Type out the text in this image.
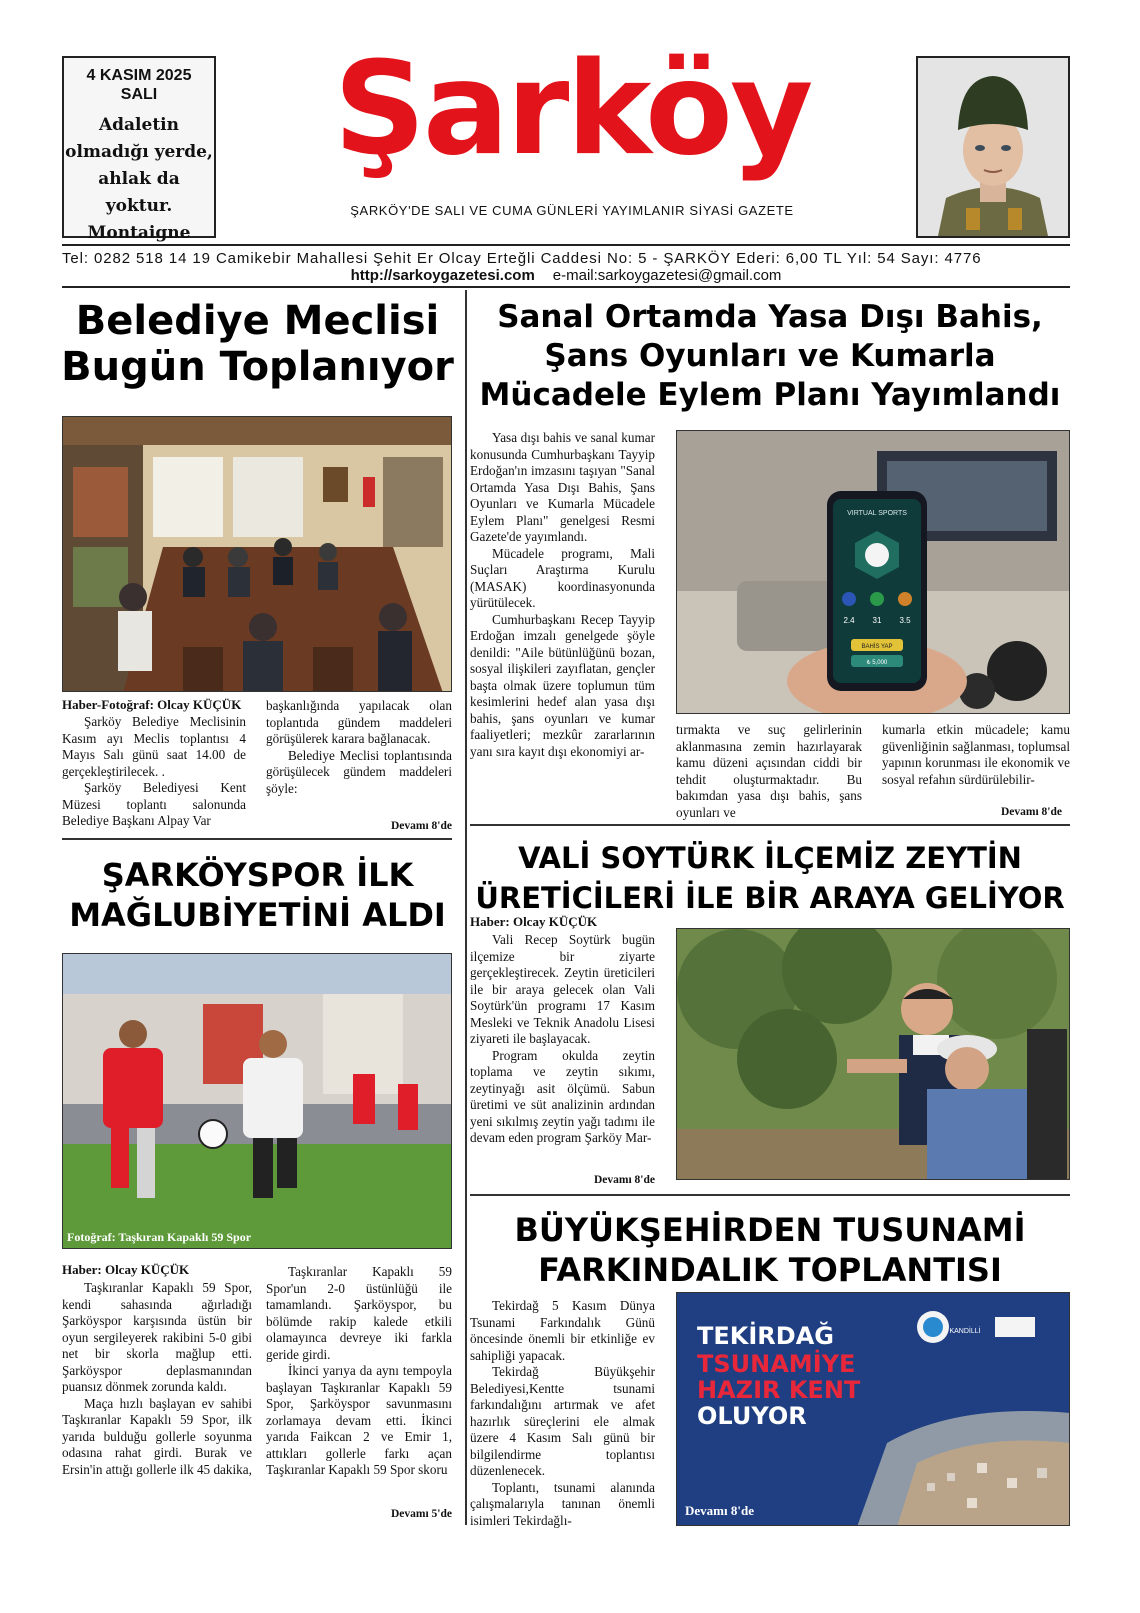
4 KASIM 2025
SALI
Adaletin
olmadığı yerde,
ahlak da yoktur.
Montaigne
Şarköy
ŞARKÖY'DE SALI VE CUMA GÜNLERİ YAYIMLANIR SİYASİ GAZETE
Tel: 0282 518 14 19 Camikebir Mahallesi Şehit Er Olcay Erteğli Caddesi No: 5 - ŞARKÖY Ederi: 6,00 TL Yıl: 54 Sayı: 4776
http://sarkoygazetesi.com e-mail:sarkoygazetesi@gmail.com
Belediye Meclisi
Bugün Toplanıyor
Haber-Fotoğraf: Olcay KÜÇÜK

Şarköy Belediye Meclisinin Kasım ayı Meclis toplantısı 4 Mayıs Salı günü saat 14.00 de gerçekleştirilecek. .

Şarköy Belediyesi Kent Müzesi toplantı salonunda Belediye Başkanı Alpay Var

başkanlığında yapılacak olan toplantıda gündem maddeleri görüşülerek karara bağlanacak.

Belediye Meclisi toplantısında görüşülecek gündem maddeleri şöyle:

Devamı 8'de
Sanal Ortamda Yasa Dışı Bahis,
Şans Oyunları ve Kumarla
Mücadele Eylem Planı Yayımlandı

Yasa dışı bahis ve sanal kumar konusunda Cumhurbaşkanı Tayyip Erdoğan'ın imzasını taşıyan "Sanal Ortamda Yasa Dışı Bahis, Şans Oyunları ve Kumarla Mücadele Eylem Planı" genelgesi Resmi Gazete'de yayımlandı.

Mücadele programı, Mali Suçları Araştırma Kurulu (MASAK) koordinasyonunda yürütülecek.

Cumhurbaşkanı Recep Tayyip Erdoğan imzalı genelgede şöyle denildi: "Aile bütünlüğünü bozan, sosyal ilişkileri zayıflatan, gençler başta olmak üzere toplumun tüm kesimlerini hedef alan yasa dışı bahis, şans oyunları ve kumar faaliyetleri; mezkûr zararlarının yanı sıra kayıt dışı ekonomiyi ar-

VIRTUAL SPORTS
2.4 31 3.5
BAHİS YAP
₺ 5,000
tırmakta ve suç gelirlerinin aklanmasına zemin hazırlayarak kamu düzeni açısından ciddi bir tehdit oluşturmaktadır. Bu bakımdan yasa dışı bahis, şans oyunları ve
kumarla etkin mücadele; kamu güvenliğinin sağlanması, toplumsal yapının korunması ile ekonomik ve sosyal refahın sürdürülebilir-
Devamı 8'de
ŞARKÖYSPOR İLK
MAĞLUBİYETİNİ ALDI
Fotoğraf: Taşkıran Kapaklı 59 Spor
Haber: Olcay KÜÇÜK

Taşkıranlar Kapaklı 59 Spor, kendi sahasında ağırladığı Şarköyspor karşısında üstün bir oyun sergileyerek rakibini 5-0 gibi net bir skorla mağlup etti. Şarköyspor deplasmanından puansız dönmek zorunda kaldı.

Maça hızlı başlayan ev sahibi Taşkıranlar Kapaklı 59 Spor, ilk yarıda bulduğu gollerle soyunma odasına rahat girdi. Burak ve Ersin'in attığı gollerle ilk 45 dakika,

Taşkıranlar Kapaklı 59 Spor'un 2-0 üstünlüğü ile tamamlandı. Şarköyspor, bu bölümde rakip kalede etkili olamayınca devreye iki farkla geride girdi.

İkinci yarıya da aynı tempoyla başlayan Taşkıranlar Kapaklı 59 Spor, Şarköyspor savunmasını zorlamaya devam etti. İkinci yarıda Faikcan 2 ve Emir 1, attıkları gollerle farkı açan Taşkıranlar Kapaklı 59 Spor skoru

Devamı 5'de
VALİ SOYTÜRK İLÇEMİZ ZEYTİN
ÜRETİCİLERİ İLE BİR ARAYA GELİYOR
Haber: Olcay KÜÇÜK

Vali Recep Soytürk bugün ilçemize bir ziyarte gerçekleştirecek. Zeytin üreticileri ile bir araya gelecek olan Vali Soytürk'ün programı 17 Kasım Mesleki ve Teknik Anadolu Lisesi ziyareti ile başlayacak.

Program okulda zeytin toplama ve zeytin sıkımı, zeytinyağı asit ölçümü. Sabun üretimi ve süt analizinin ardından yeni sıkılmış zeytin yağı tadımı ile devam eden program Şarköy Mar-

Devamı 8'de
BÜYÜKŞEHİRDEN TUSUNAMİ
FARKINDALIK TOPLANTISI

Tekirdağ 5 Kasım Dünya Tsunami Farkındalık Günü öncesinde önemli bir etkinliğe ev sahipliği yapacak.

Tekirdağ Büyükşehir Belediyesi,Kentte tsunami farkındalığını artırmak ve afet hazırlık süreçlerini ele almak üzere 4 Kasım Salı günü bir bilgilendirme toplantısı düzenlenecek.

Toplantı, tsunami alanında çalışmalarıyla tanınan önemli isimleri Tekirdağlı-

KANDİLLİ
TEKİRDAĞ
TSUNAMİYE
HAZIR KENT
OLUYOR
Devamı 8'de
